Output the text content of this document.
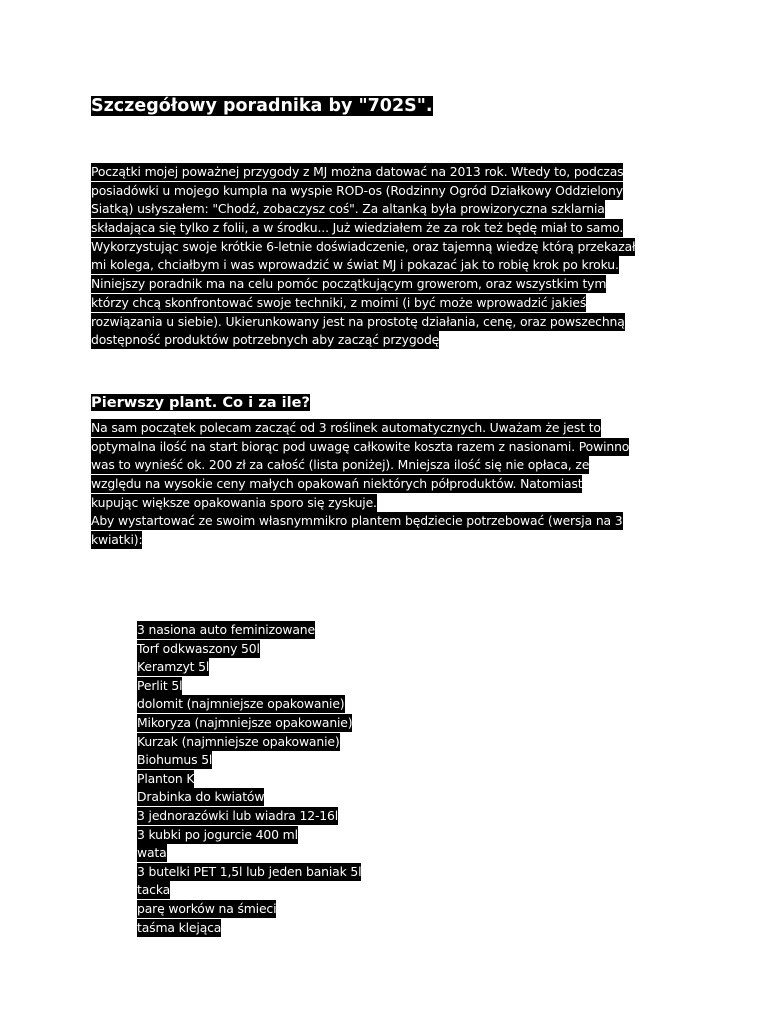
Szczegółowy poradnika by "702S".
Początki mojej poważnej przygody z MJ można datować na 2013 rok. Wtedy to, podczas
posiadówki u mojego kumpla na wyspie ROD-os (Rodzinny Ogród Działkowy Oddzielony
Siatką) usłyszałem: "Chodź, zobaczysz coś". Za altanką była prowizoryczna szklarnia
składająca się tylko z folii, a w środku... Już wiedziałem że za rok też będę miał to samo.
Wykorzystując swoje krótkie 6-letnie doświadczenie, oraz tajemną wiedzę którą przekazał
mi kolega, chciałbym i was wprowadzić w świat MJ i pokazać jak to robię krok po kroku.
Niniejszy poradnik ma na celu pomóc początkującym growerom, oraz wszystkim tym
którzy chcą skonfrontować swoje techniki, z moimi (i być może wprowadzić jakieś
rozwiązania u siebie). Ukierunkowany jest na prostotę działania, cenę, oraz powszechną
dostępność produktów potrzebnych aby zacząć przygodę
Pierwszy plant. Co i za ile?
Na sam początek polecam zacząć od 3 roślinek automatycznych. Uważam że jest to
optymalna ilość na start biorąc pod uwagę całkowite koszta razem z nasionami. Powinno
was to wynieść ok. 200 zł za całość (lista poniżej). Mniejsza ilość się nie opłaca, ze
względu na wysokie ceny małych opakowań niektórych półproduktów. Natomiast
kupując większe opakowania sporo się zyskuje.
Aby wystartować ze swoim własnymmikro plantem będziecie potrzebować (wersja na 3
kwiatki):
• 3 nasiona auto feminizowane
• Torf odkwaszony 50l
• Keramzyt 5l
• Perlit 5l
• dolomit (najmniejsze opakowanie)
• Mikoryza (najmniejsze opakowanie)
• Kurzak (najmniejsze opakowanie)
• Biohumus 5l
• Planton K
• Drabinka do kwiatów
• 3 jednorazówki lub wiadra 12-16l
• 3 kubki po jogurcie 400 ml
• wata
• 3 butelki PET 1,5l lub jeden baniak 5l
• tacka
• parę worków na śmieci
• taśma klejąca
